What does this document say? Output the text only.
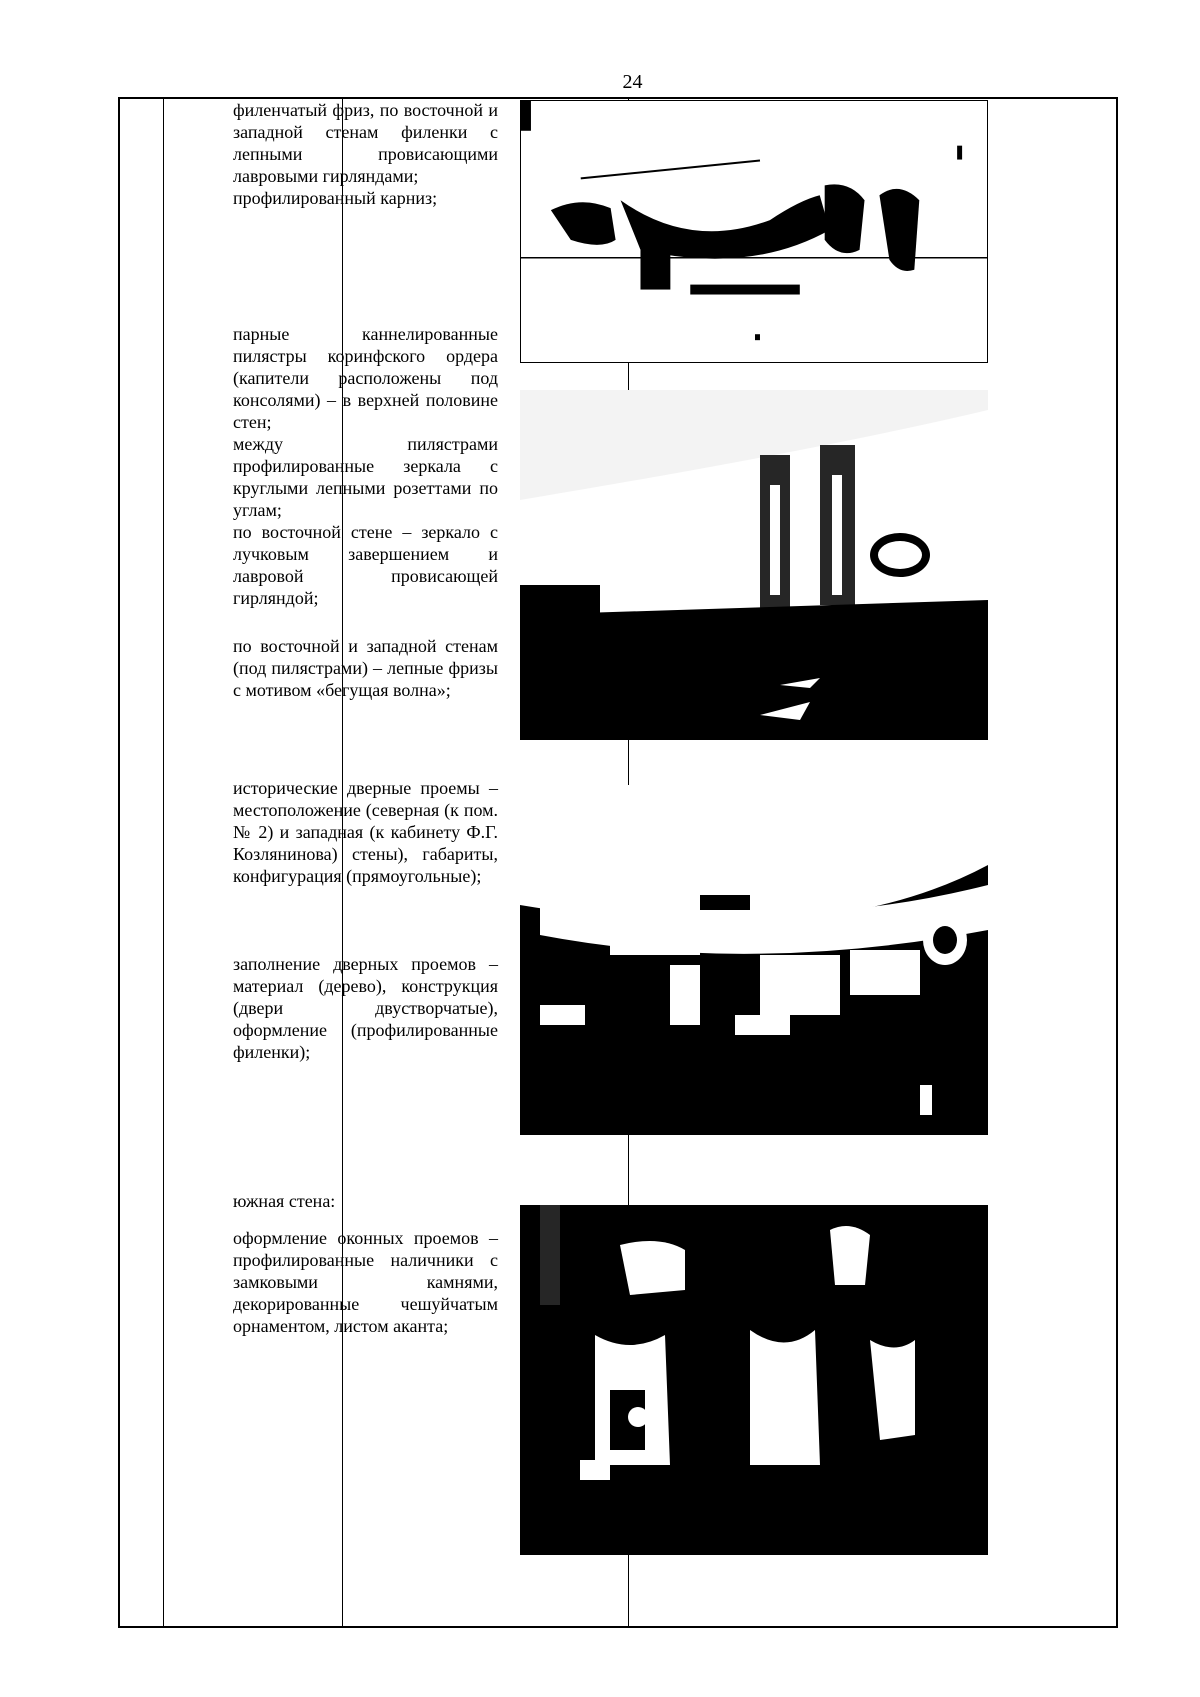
24

филенчатый фриз, по восточной и западной стенам филенки с лепными провисающими лавровыми гирляндами;

профилированный карниз;

парные каннелированные пилястры коринфского ордера (капители расположены под консолями) – в верхней половине стен;

между пилястрами профилированные зеркала с круглыми лепными розеттами по углам;

по восточной стене – зеркало с лучковым завершением и лавровой провисающей гирляндой;

по восточной и западной стенам (под пилястрами) – лепные фризы с мотивом «бегущая волна»;

исторические дверные проемы – местоположение (северная (к пом. № 2) и западная (к кабинету Ф.Г. Козлянинова) стены), габариты, конфигурация (прямоугольные);

заполнение дверных проемов – материал (дерево), конструкция (двери двустворчатые), оформление (профилированные филенки);

южная стена:

оформление оконных проемов – профилированные наличники с замковыми камнями, декорированные чешуйчатым орнаментом, листом аканта;
